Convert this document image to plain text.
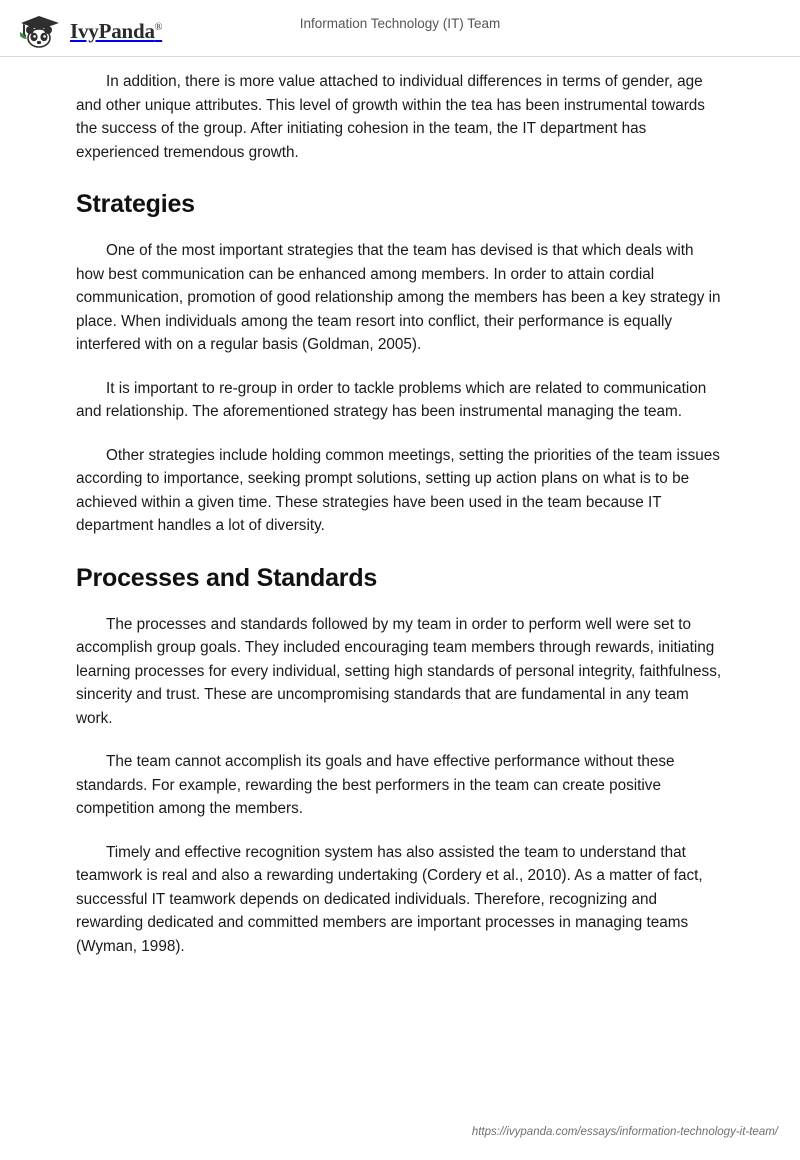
IvyPanda®	Information Technology (IT) Team

In addition, there is more value attached to individual differences in terms of gender, age and other unique attributes. This level of growth within the tea has been instrumental towards the success of the group. After initiating cohesion in the team, the IT department has experienced tremendous growth.

Strategies

One of the most important strategies that the team has devised is that which deals with how best communication can be enhanced among members. In order to attain cordial communication, promotion of good relationship among the members has been a key strategy in place. When individuals among the team resort into conflict, their performance is equally interfered with on a regular basis (Goldman, 2005).

It is important to re-group in order to tackle problems which are related to communication and relationship. The aforementioned strategy has been instrumental managing the team.

Other strategies include holding common meetings, setting the priorities of the team issues according to importance, seeking prompt solutions, setting up action plans on what is to be achieved within a given time. These strategies have been used in the team because IT department handles a lot of diversity.

Processes and Standards

The processes and standards followed by my team in order to perform well were set to accomplish group goals. They included encouraging team members through rewards, initiating learning processes for every individual, setting high standards of personal integrity, faithfulness, sincerity and trust. These are uncompromising standards that are fundamental in any team work.

The team cannot accomplish its goals and have effective performance without these standards. For example, rewarding the best performers in the team can create positive competition among the members.

Timely and effective recognition system has also assisted the team to understand that teamwork is real and also a rewarding undertaking (Cordery et al., 2010). As a matter of fact, successful IT teamwork depends on dedicated individuals. Therefore, recognizing and rewarding dedicated and committed members are important processes in managing teams (Wyman, 1998).

https://ivypanda.com/essays/information-technology-it-team/
